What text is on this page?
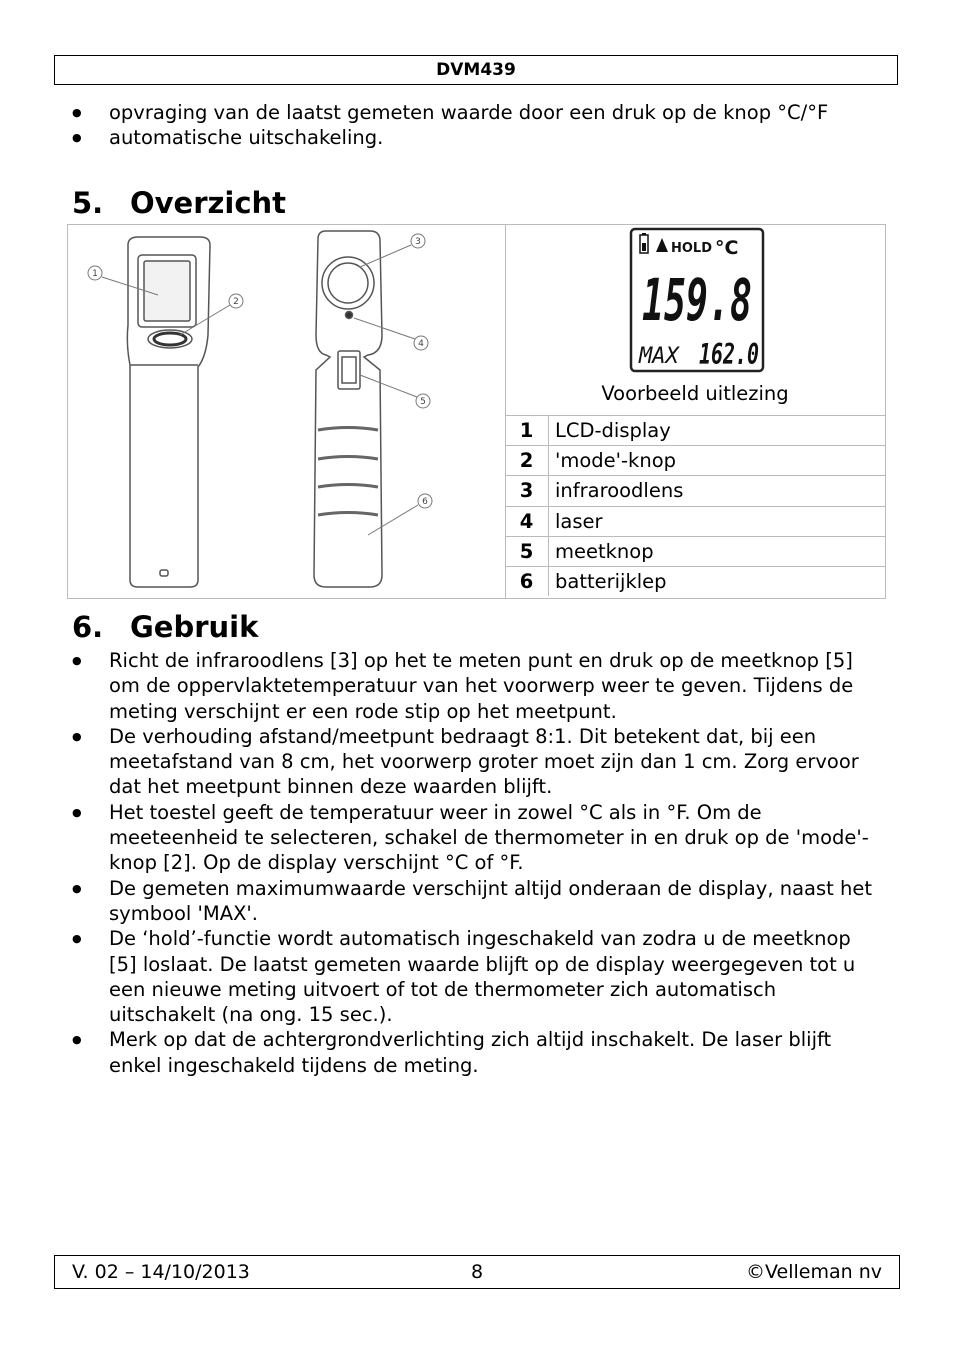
DVM439
● opvraging van de laatst gemeten waarde door een druk op de knop °C/°F
● automatische uitschakeling.
5. Overzicht
1
2
3
4
5
6
HOLD °C
159.8
MAX 162.0
Voorbeeld uitlezing
1	LCD-display
2	'mode'-knop
3	infraroodlens
4	laser
5	meetknop
6	batterijklep
6. Gebruik
● Richt de infraroodlens [3] op het te meten punt en druk op de meetknop [5] om de oppervlaktetemperatuur van het voorwerp weer te geven. Tijdens de meting verschijnt er een rode stip op het meetpunt.
● De verhouding afstand/meetpunt bedraagt 8:1. Dit betekent dat, bij een meetafstand van 8 cm, het voorwerp groter moet zijn dan 1 cm. Zorg ervoor dat het meetpunt binnen deze waarden blijft.
● Het toestel geeft de temperatuur weer in zowel °C als in °F. Om de meeteenheid te selecteren, schakel de thermometer in en druk op de 'mode'-knop [2]. Op de display verschijnt °C of °F.
● De gemeten maximumwaarde verschijnt altijd onderaan de display, naast het symbool 'MAX'.
● De ‘hold’-functie wordt automatisch ingeschakeld van zodra u de meetknop [5] loslaat. De laatst gemeten waarde blijft op de display weergegeven tot u een nieuwe meting uitvoert of tot de thermometer zich automatisch uitschakelt (na ong. 15 sec.).
● Merk op dat de achtergrondverlichting zich altijd inschakelt. De laser blijft enkel ingeschakeld tijdens de meting.
8
V. 02 – 14/10/2013	©Velleman nv
